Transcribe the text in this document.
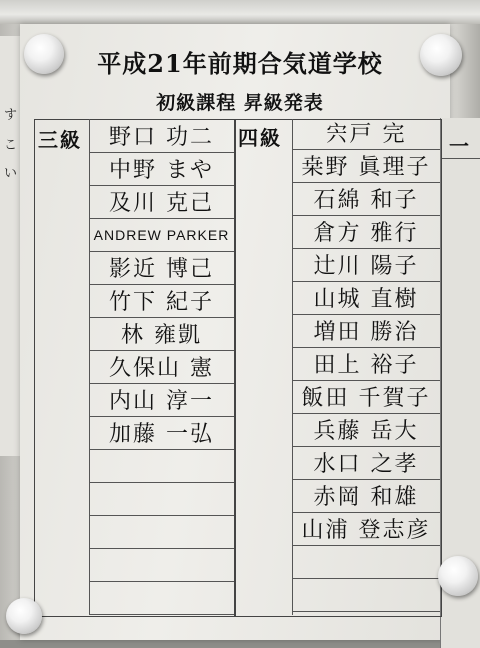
す
こ
い
一
平成21年前期合気道学校
初級課程 昇級発表
三級	野口 功二
中野 まや
及川 克己
ANDREW PARKER
影近 博己
竹下 紀子
林 雍凱
久保山 憲
内山 淳一
加藤 一弘
四級	宍戸 完
桒野 眞理子
石綿 和子
倉方 雅行
辻川 陽子
山城 直樹
増田 勝治
田上 裕子
飯田 千賀子
兵藤 岳大
水口 之孝
赤岡 和雄
山浦 登志彦
